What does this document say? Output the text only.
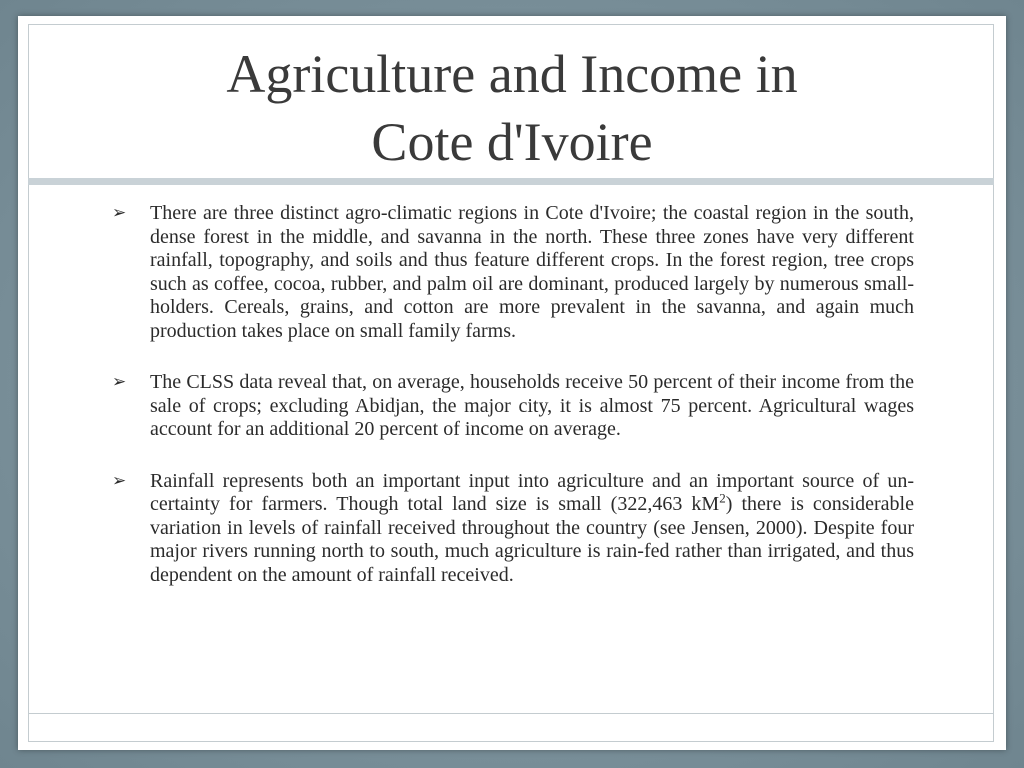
Agriculture and Income in
Cote d'Ivoire

➢ There are three distinct agro-climatic regions in Cote d'Ivoire; the coastal region in the south, dense forest in the middle, and savanna in the north. These three zones have very different rainfall, topography, and soils and thus feature different crops. In the forest region, tree crops such as coffee, cocoa, rubber, and palm oil are dominant, produced largely by numerous small-holders. Cereals, grains, and cotton are more prevalent in the savanna, and again much production takes place on small family farms.

➢ The CLSS data reveal that, on average, households receive 50 percent of their income from the sale of crops; excluding Abidjan, the major city, it is almost 75 percent. Agricultural wages account for an additional 20 percent of income on average.

➢ Rainfall represents both an important input into agriculture and an important source of un-certainty for farmers. Though total land size is small (322,463 $kM^2$) there is considerable variation in levels of rainfall received throughout the country (see Jensen, 2000). Despite four major rivers running north to south, much agriculture is rain-fed rather than irrigated, and thus dependent on the amount of rainfall received.
